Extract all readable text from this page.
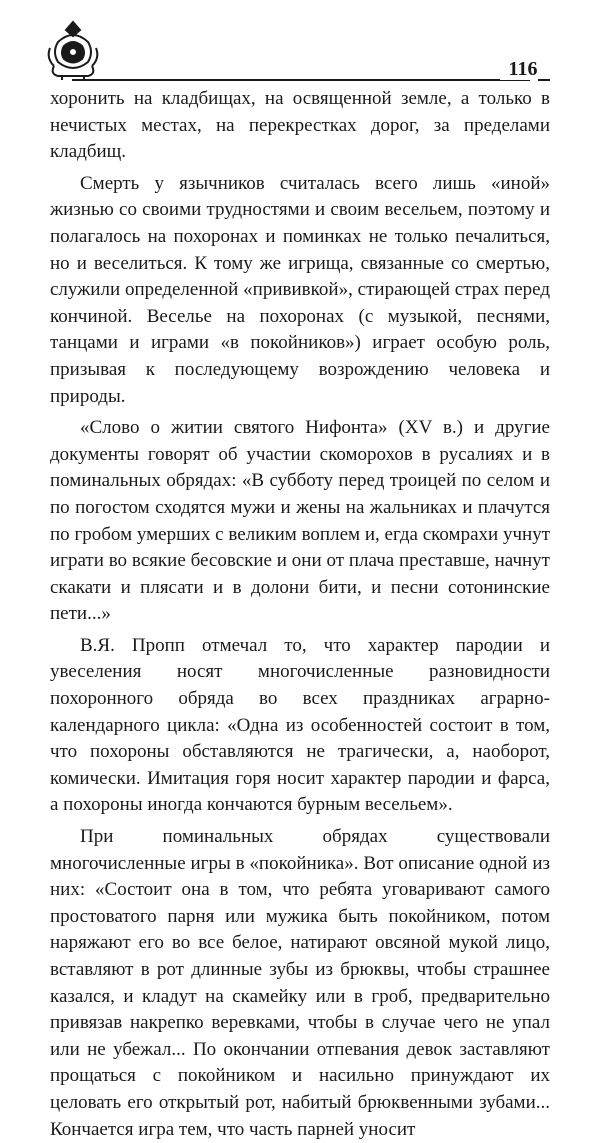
116

хоронить на кладбищах, на освященной земле, а только в нечистых местах, на перекрестках дорог, за пределами кладбищ.

Смерть у язычников считалась всего лишь «иной» жизнью со своими трудностями и своим весельем, поэтому и полагалось на похоронах и поминках не только печалиться, но и веселиться. К тому же игрища, связанные со смертью, служили определенной «прививкой», стирающей страх перед кончиной. Веселье на похоронах (с музыкой, песнями, танцами и играми «в покойников») играет особую роль, призывая к последующему возрождению человека и природы.

«Слово о житии святого Нифонта» (XV в.) и другие документы говорят об участии скоморохов в русалиях и в поминальных обрядах: «В субботу перед троицей по селом и по погостом сходятся мужи и жены на жальниках и плачутся по гробом умерших с великим воплем и, егда скомрахи учнут играти во всякие бесовские и они от плача преставше, начнут скакати и плясати и в долони бити, и песни сотонинские пети...»

В.Я. Пропп отмечал то, что характер пародии и увеселения носят многочисленные разновидности похоронного обряда во всех праздниках аграрно-календарного цикла: «Одна из особенностей состоит в том, что похороны обставляются не трагически, а, наоборот, комически. Имитация горя носит характер пародии и фарса, а похороны иногда кончаются бурным весельем».

При поминальных обрядах существовали многочисленные игры в «покойника». Вот описание одной из них: «Состоит она в том, что ребята уговаривают самого простоватого парня или мужика быть покойником, потом наряжают его во все белое, натирают овсяной мукой лицо, вставляют в рот длинные зубы из брюквы, чтобы страшнее казался, и кладут на скамейку или в гроб, предварительно привязав накрепко веревками, чтобы в случае чего не упал или не убежал... По окончании отпевания девок заставляют прощаться с покойником и насильно принуждают их целовать его открытый рот, набитый брюквенными зубами... Кончается игра тем, что часть парней уносит
